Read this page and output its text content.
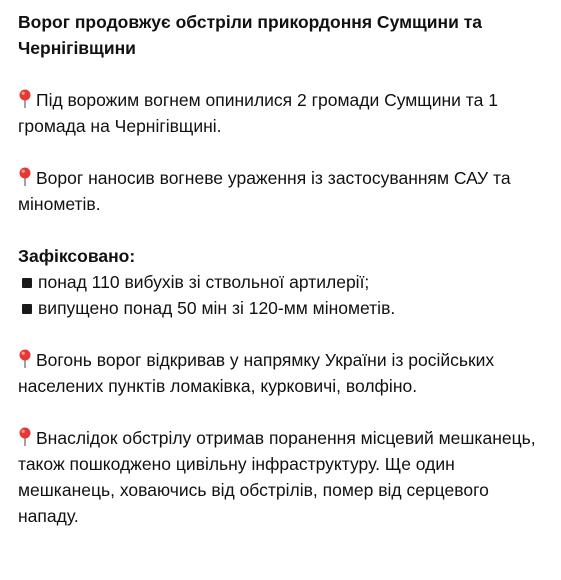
Ворог продовжує обстріли прикордоння Сумщини та Чернігівщини

Під ворожим вогнем опинилися 2 громади Сумщини та 1 громада на Чернігівщині.

Ворог наносив вогневе ураження із застосуванням САУ та мінометів.

Зафіксовано:

понад 110 вибухів зі ствольної артилерії;

випущено понад 50 мін зі 120-мм мінометів.

Вогонь ворог відкривав у напрямку України із російських населених пунктів ломаківка, курковичі, волфіно.

Внаслідок обстрілу отримав поранення місцевий мешканець, також пошкоджено цивільну інфраструктуру. Ще один мешканець, ховаючись від обстрілів, помер від серцевого нападу.
